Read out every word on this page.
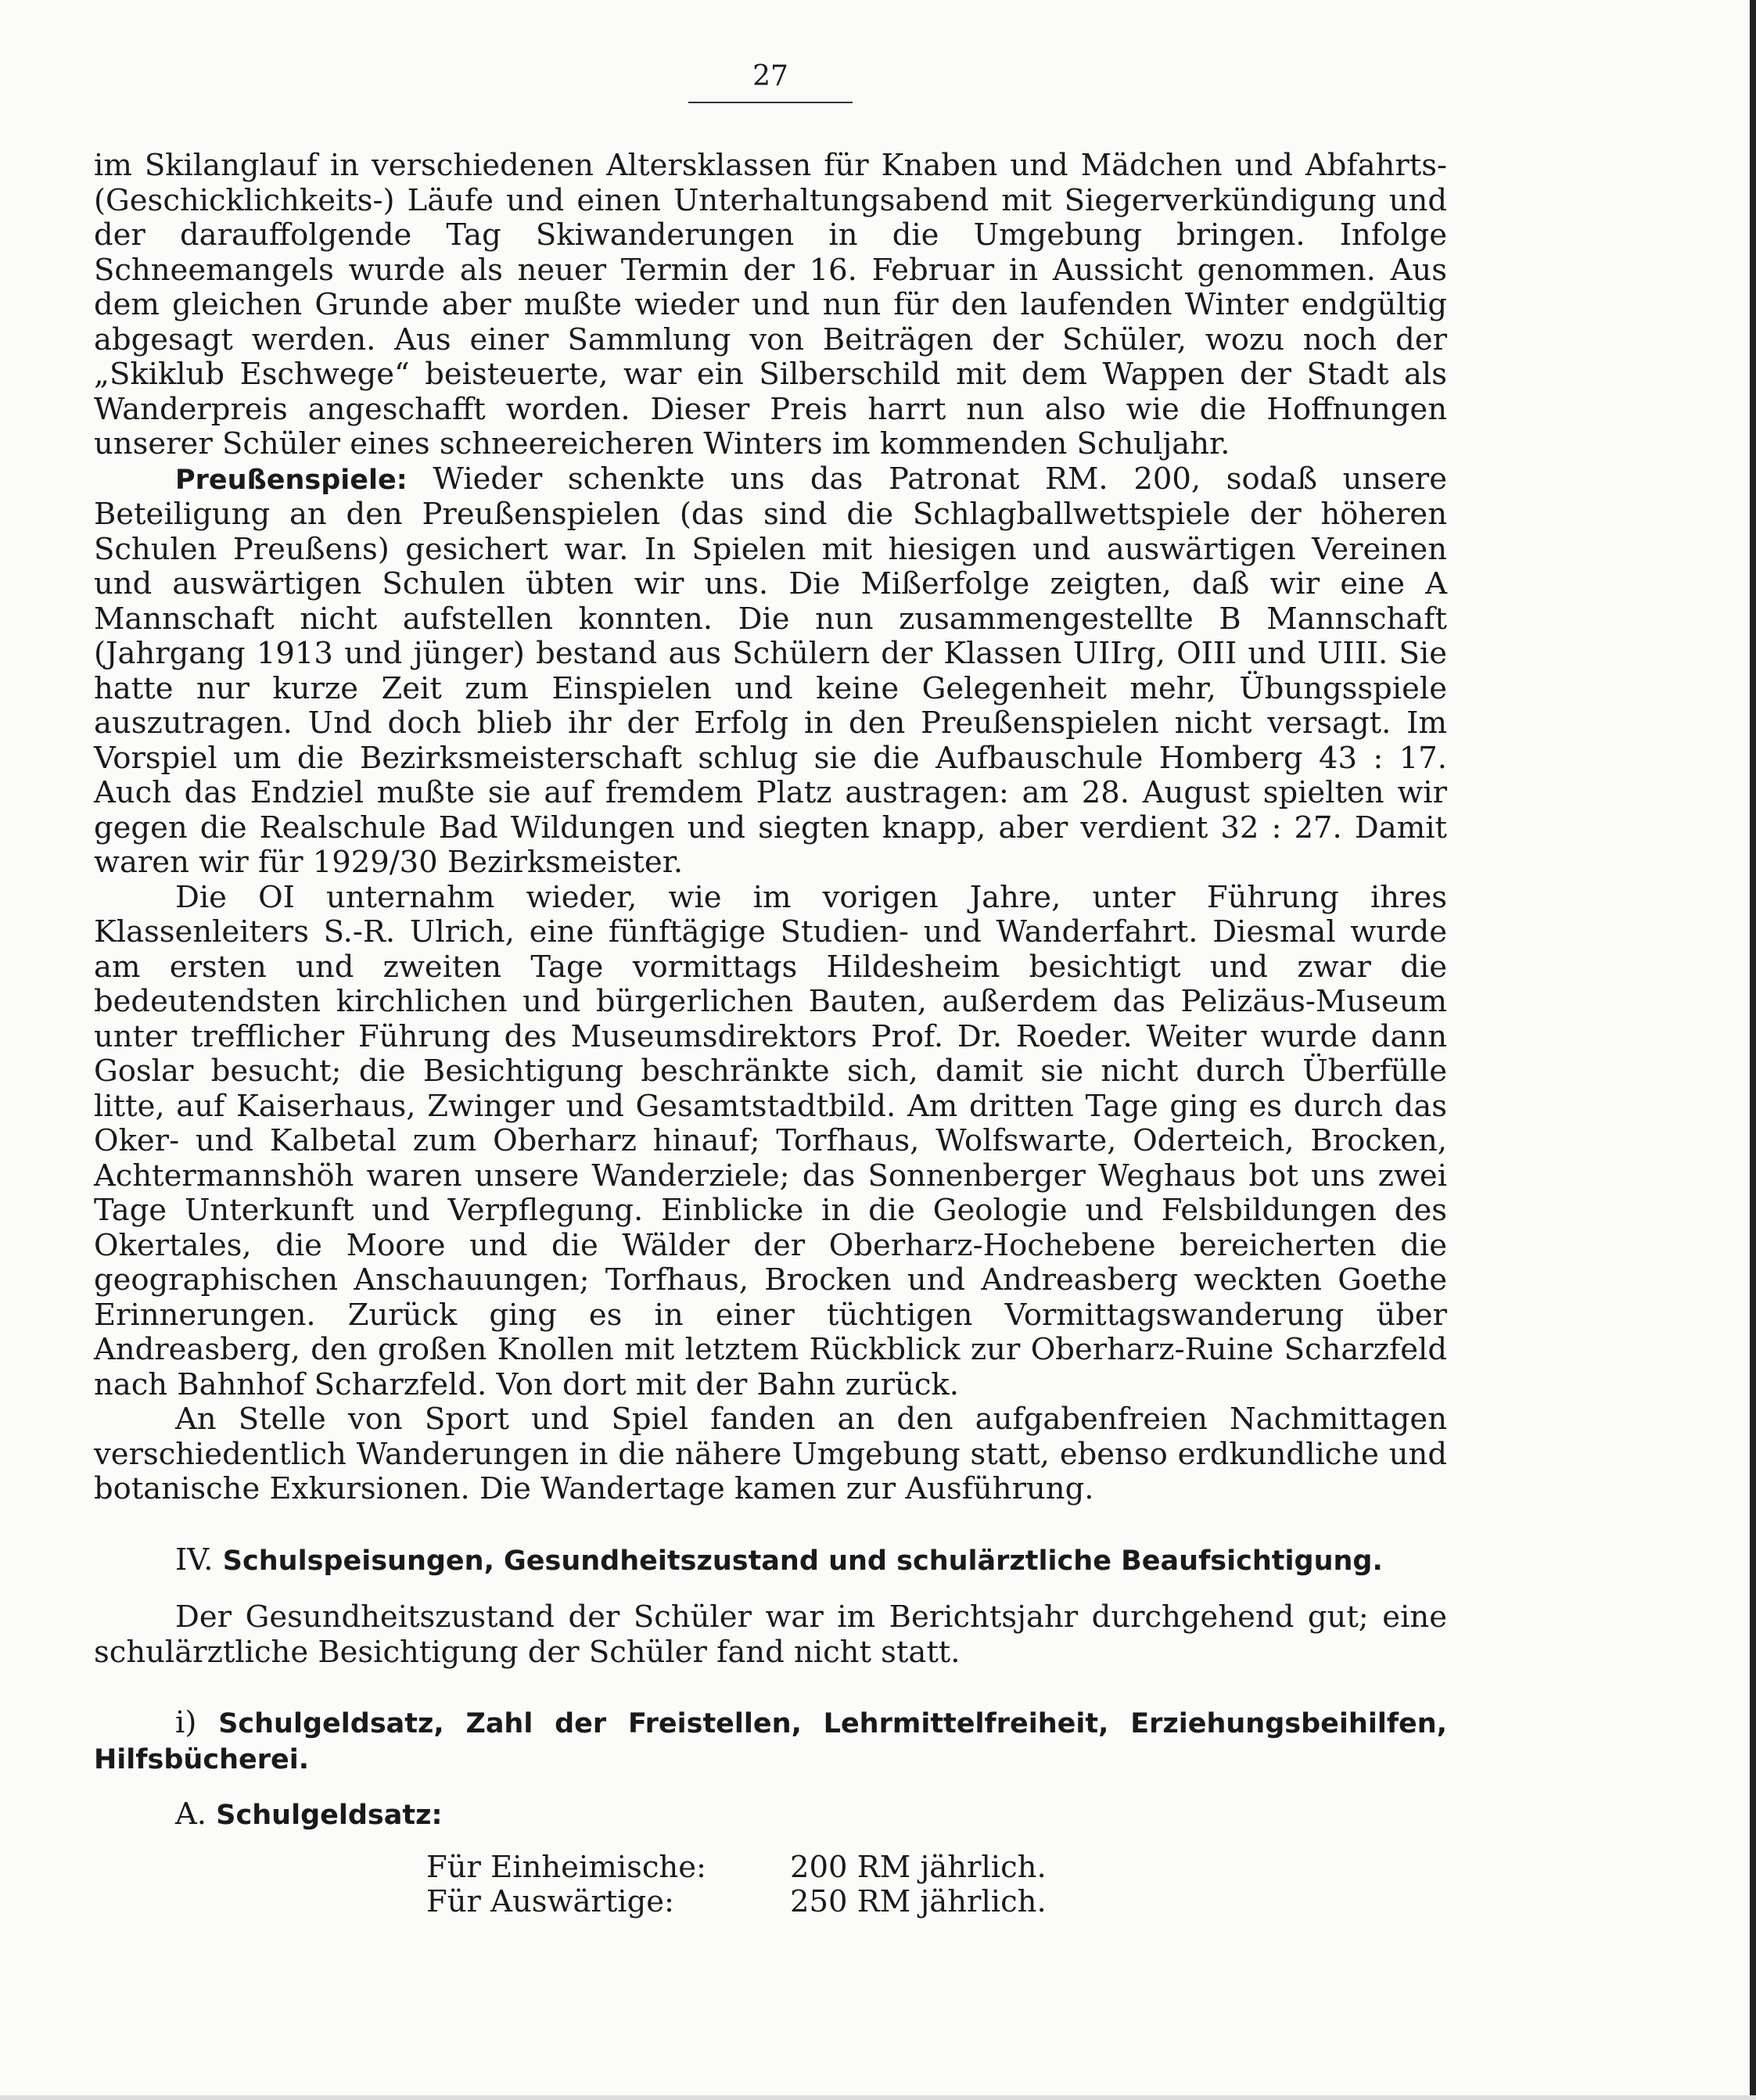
27

im Skilanglauf in verschiedenen Altersklassen für Knaben und Mädchen und Abfahrts-(Geschicklichkeits-) Läufe und einen Unterhaltungsabend mit Siegerverkündigung und der darauffolgende Tag Skiwanderungen in die Umgebung bringen. Infolge Schneemangels wurde als neuer Termin der 16. Februar in Aussicht genommen. Aus dem gleichen Grunde aber mußte wieder und nun für den laufenden Winter endgültig abgesagt werden. Aus einer Sammlung von Beiträgen der Schüler, wozu noch der „Skiklub Eschwege“ beisteuerte, war ein Silberschild mit dem Wappen der Stadt als Wanderpreis angeschafft worden. Dieser Preis harrt nun also wie die Hoffnungen unserer Schüler eines schneereicheren Winters im kommenden Schuljahr.

Preußenspiele: Wieder schenkte uns das Patronat RM. 200, sodaß unsere Beteiligung an den Preußenspielen (das sind die Schlagballwettspiele der höheren Schulen Preußens) gesichert war. In Spielen mit hiesigen und auswärtigen Vereinen und auswärtigen Schulen übten wir uns. Die Mißerfolge zeigten, daß wir eine A Mannschaft nicht aufstellen konnten. Die nun zusammengestellte B Mannschaft (Jahrgang 1913 und jünger) bestand aus Schülern der Klassen UIIrg, OIII und UIII. Sie hatte nur kurze Zeit zum Einspielen und keine Gelegenheit mehr, Übungsspiele auszutragen. Und doch blieb ihr der Erfolg in den Preußenspielen nicht versagt. Im Vorspiel um die Bezirksmeisterschaft schlug sie die Aufbauschule Homberg 43 : 17. Auch das Endziel mußte sie auf fremdem Platz austragen: am 28. August spielten wir gegen die Realschule Bad Wildungen und siegten knapp, aber verdient 32 : 27. Damit waren wir für 1929/30 Bezirksmeister.

Die OI unternahm wieder, wie im vorigen Jahre, unter Führung ihres Klassenleiters S.-R. Ulrich, eine fünftägige Studien- und Wanderfahrt. Diesmal wurde am ersten und zweiten Tage vormittags Hildesheim besichtigt und zwar die bedeutendsten kirchlichen und bürgerlichen Bauten, außerdem das Pelizäus-Museum unter trefflicher Führung des Museumsdirektors Prof. Dr. Roeder. Weiter wurde dann Goslar besucht; die Besichtigung beschränkte sich, damit sie nicht durch Überfülle litte, auf Kaiserhaus, Zwinger und Gesamtstadtbild. Am dritten Tage ging es durch das Oker- und Kalbetal zum Oberharz hinauf; Torfhaus, Wolfswarte, Oderteich, Brocken, Achtermannshöh waren unsere Wanderziele; das Sonnenberger Weghaus bot uns zwei Tage Unterkunft und Verpflegung. Einblicke in die Geologie und Felsbildungen des Okertales, die Moore und die Wälder der Oberharz-Hochebene bereicherten die geographischen Anschauungen; Torfhaus, Brocken und Andreasberg weckten Goethe Erinnerungen. Zurück ging es in einer tüchtigen Vormittagswanderung über Andreasberg, den großen Knollen mit letztem Rückblick zur Oberharz-Ruine Scharzfeld nach Bahnhof Scharzfeld. Von dort mit der Bahn zurück.

An Stelle von Sport und Spiel fanden an den aufgabenfreien Nachmittagen verschiedentlich Wanderungen in die nähere Umgebung statt, ebenso erdkundliche und botanische Exkursionen. Die Wandertage kamen zur Ausführung.

IV. Schulspeisungen, Gesundheitszustand und schulärztliche Beaufsichtigung.

Der Gesundheitszustand der Schüler war im Berichtsjahr durchgehend gut; eine schulärztliche Besichtigung der Schüler fand nicht statt.

i) Schulgeldsatz, Zahl der Freistellen, Lehrmittelfreiheit, Erziehungsbeihilfen, Hilfsbücherei.

A. Schulgeldsatz:

Für Einheimische:	200 RM jährlich.
Für Auswärtige:	250 RM jährlich.
